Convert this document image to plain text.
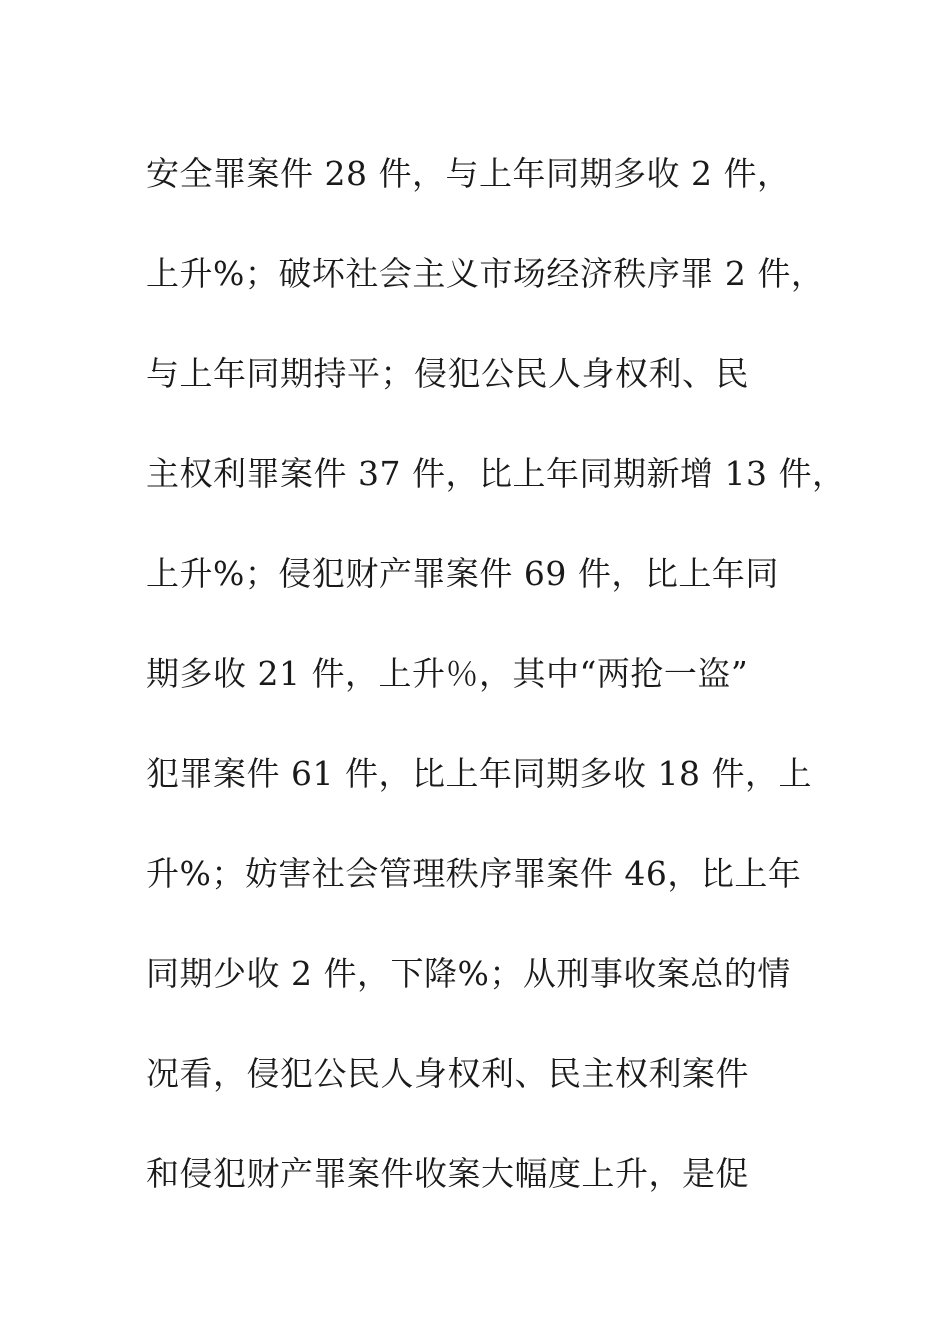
安全罪案件 28 件，与上年同期多收 2 件，

上升%；破坏社会主义市场经济秩序罪 2 件，

与上年同期持平；侵犯公民人身权利、民

主权利罪案件 37 件，比上年同期新增 13 件，

上升%；侵犯财产罪案件 69 件，比上年同

期多收 21 件，上升％，其中“两抢一盗”

犯罪案件 61 件，比上年同期多收 18 件，上

升%；妨害社会管理秩序罪案件 46，比上年

同期少收 2 件，下降%；从刑事收案总的情

况看，侵犯公民人身权利、民主权利案件

和侵犯财产罪案件收案大幅度上升，是促
